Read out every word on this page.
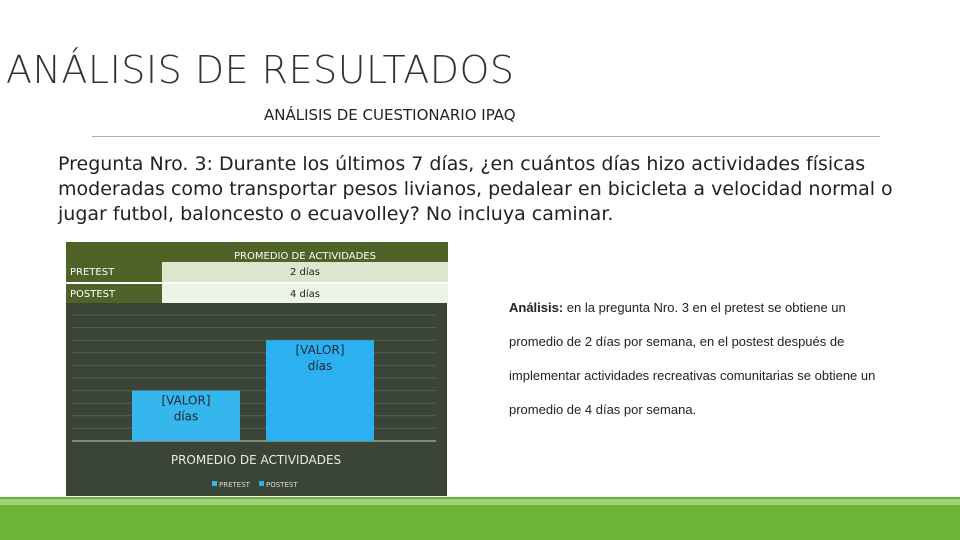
ANÁLISIS DE RESULTADOS
ANÁLISIS DE CUESTIONARIO IPAQ
Pregunta Nro. 3: Durante los últimos 7 días, ¿en cuántos días hizo actividades físicas moderadas como transportar pesos livianos, pedalear en bicicleta a velocidad normal o jugar futbol, baloncesto o ecuavolley? No incluya caminar.
	PROMEDIO DE ACTIVIDADES
PRETEST	2 días

POSTEST	4 días
[VALOR]
días
[VALOR]
días
PROMEDIO DE ACTIVIDADES
PRETEST POSTEST
Análisis: en la pregunta Nro. 3 en el pretest se obtiene un promedio de 2 días por semana, en el postest después de implementar actividades recreativas comunitarias se obtiene un promedio de 4 días por semana.
